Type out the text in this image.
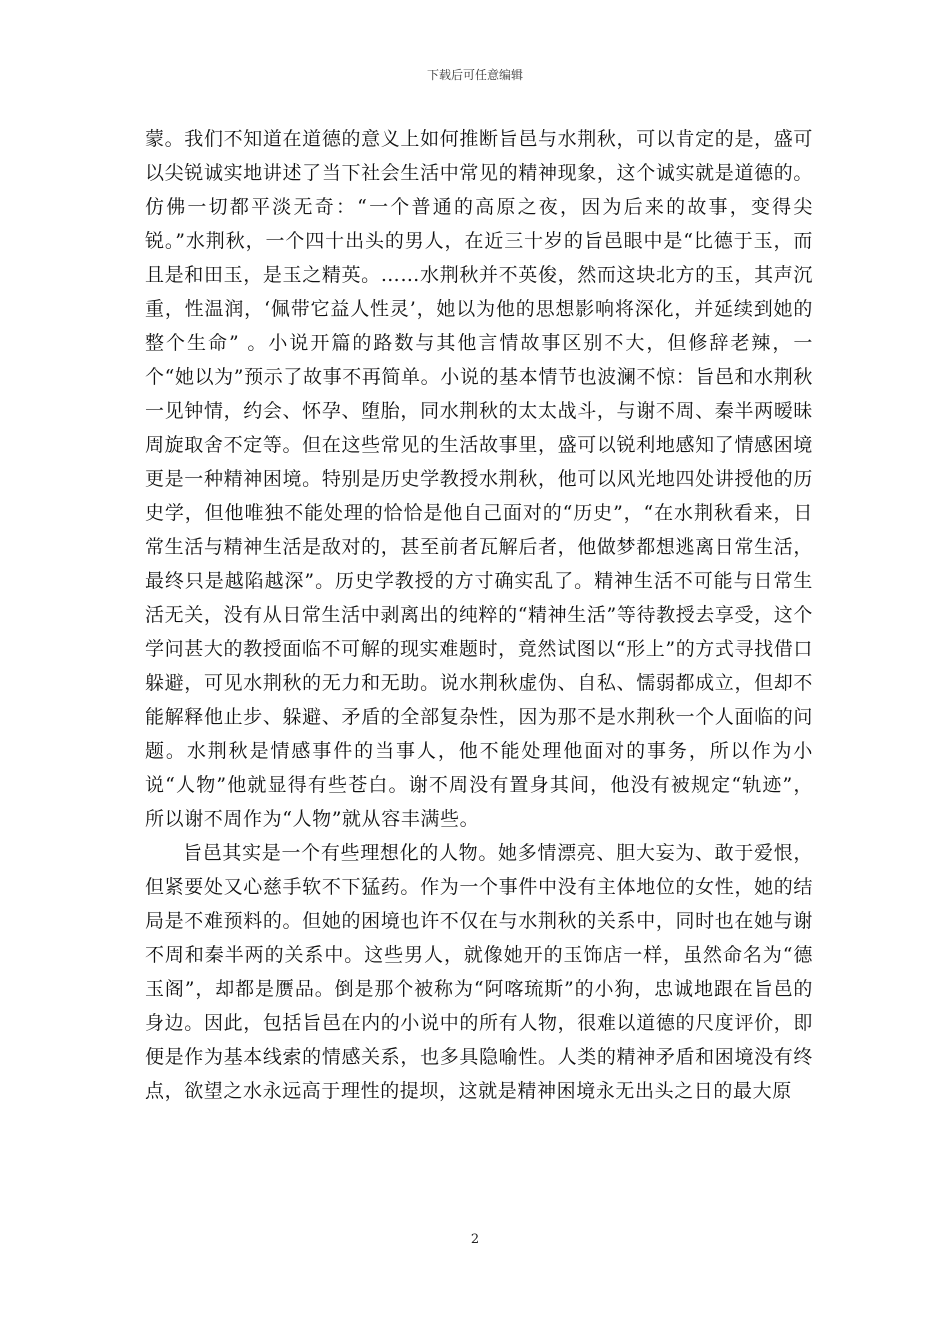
下载后可任意编辑

蒙。我们不知道在道德的意义上如何推断旨邑与水荆秋，可以肯定的是，盛可以尖锐诚实地讲述了当下社会生活中常见的精神现象，这个诚实就是道德的。仿佛一切都平淡无奇：“一个普通的高原之夜，因为后来的故事，变得尖锐。”水荆秋，一个四十出头的男人，在近三十岁的旨邑眼中是“比德于玉，而且是和田玉，是玉之精英。……水荆秋并不英俊，然而这块北方的玉，其声沉重，性温润，‘佩带它益人性灵’，她以为他的思想影响将深化，并延续到她的整个生命” 。小说开篇的路数与其他言情故事区别不大，但修辞老辣，一个“她以为”预示了故事不再简单。小说的基本情节也波澜不惊：旨邑和水荆秋一见钟情，约会、怀孕、堕胎，同水荆秋的太太战斗，与谢不周、秦半两暧昧周旋取舍不定等。但在这些常见的生活故事里，盛可以锐利地感知了情感困境更是一种精神困境。特别是历史学教授水荆秋，他可以风光地四处讲授他的历史学，但他唯独不能处理的恰恰是他自己面对的“历史”，“在水荆秋看来，日常生活与精神生活是敌对的，甚至前者瓦解后者，他做梦都想逃离日常生活，最终只是越陷越深”。历史学教授的方寸确实乱了。精神生活不可能与日常生活无关，没有从日常生活中剥离出的纯粹的“精神生活”等待教授去享受，这个学问甚大的教授面临不可解的现实难题时，竟然试图以“形上”的方式寻找借口躲避，可见水荆秋的无力和无助。说水荆秋虚伪、自私、懦弱都成立，但却不能解释他止步、躲避、矛盾的全部复杂性，因为那不是水荆秋一个人面临的问题。水荆秋是情感事件的当事人，他不能处理他面对的事务，所以作为小说“人物”他就显得有些苍白。谢不周没有置身其间，他没有被规定“轨迹”，所以谢不周作为“人物”就从容丰满些。

旨邑其实是一个有些理想化的人物。她多情漂亮、胆大妄为、敢于爱恨，但紧要处又心慈手软不下猛药。作为一个事件中没有主体地位的女性，她的结局是不难预料的。但她的困境也许不仅在与水荆秋的关系中，同时也在她与谢不周和秦半两的关系中。这些男人，就像她开的玉饰店一样，虽然命名为“德玉阁”，却都是赝品。倒是那个被称为“阿喀琉斯”的小狗，忠诚地跟在旨邑的身边。因此，包括旨邑在内的小说中的所有人物，很难以道德的尺度评价，即便是作为基本线索的情感关系，也多具隐喻性。人类的精神矛盾和困境没有终点，欲望之水永远高于理性的提坝，这就是精神困境永无出头之日的最大原

2
